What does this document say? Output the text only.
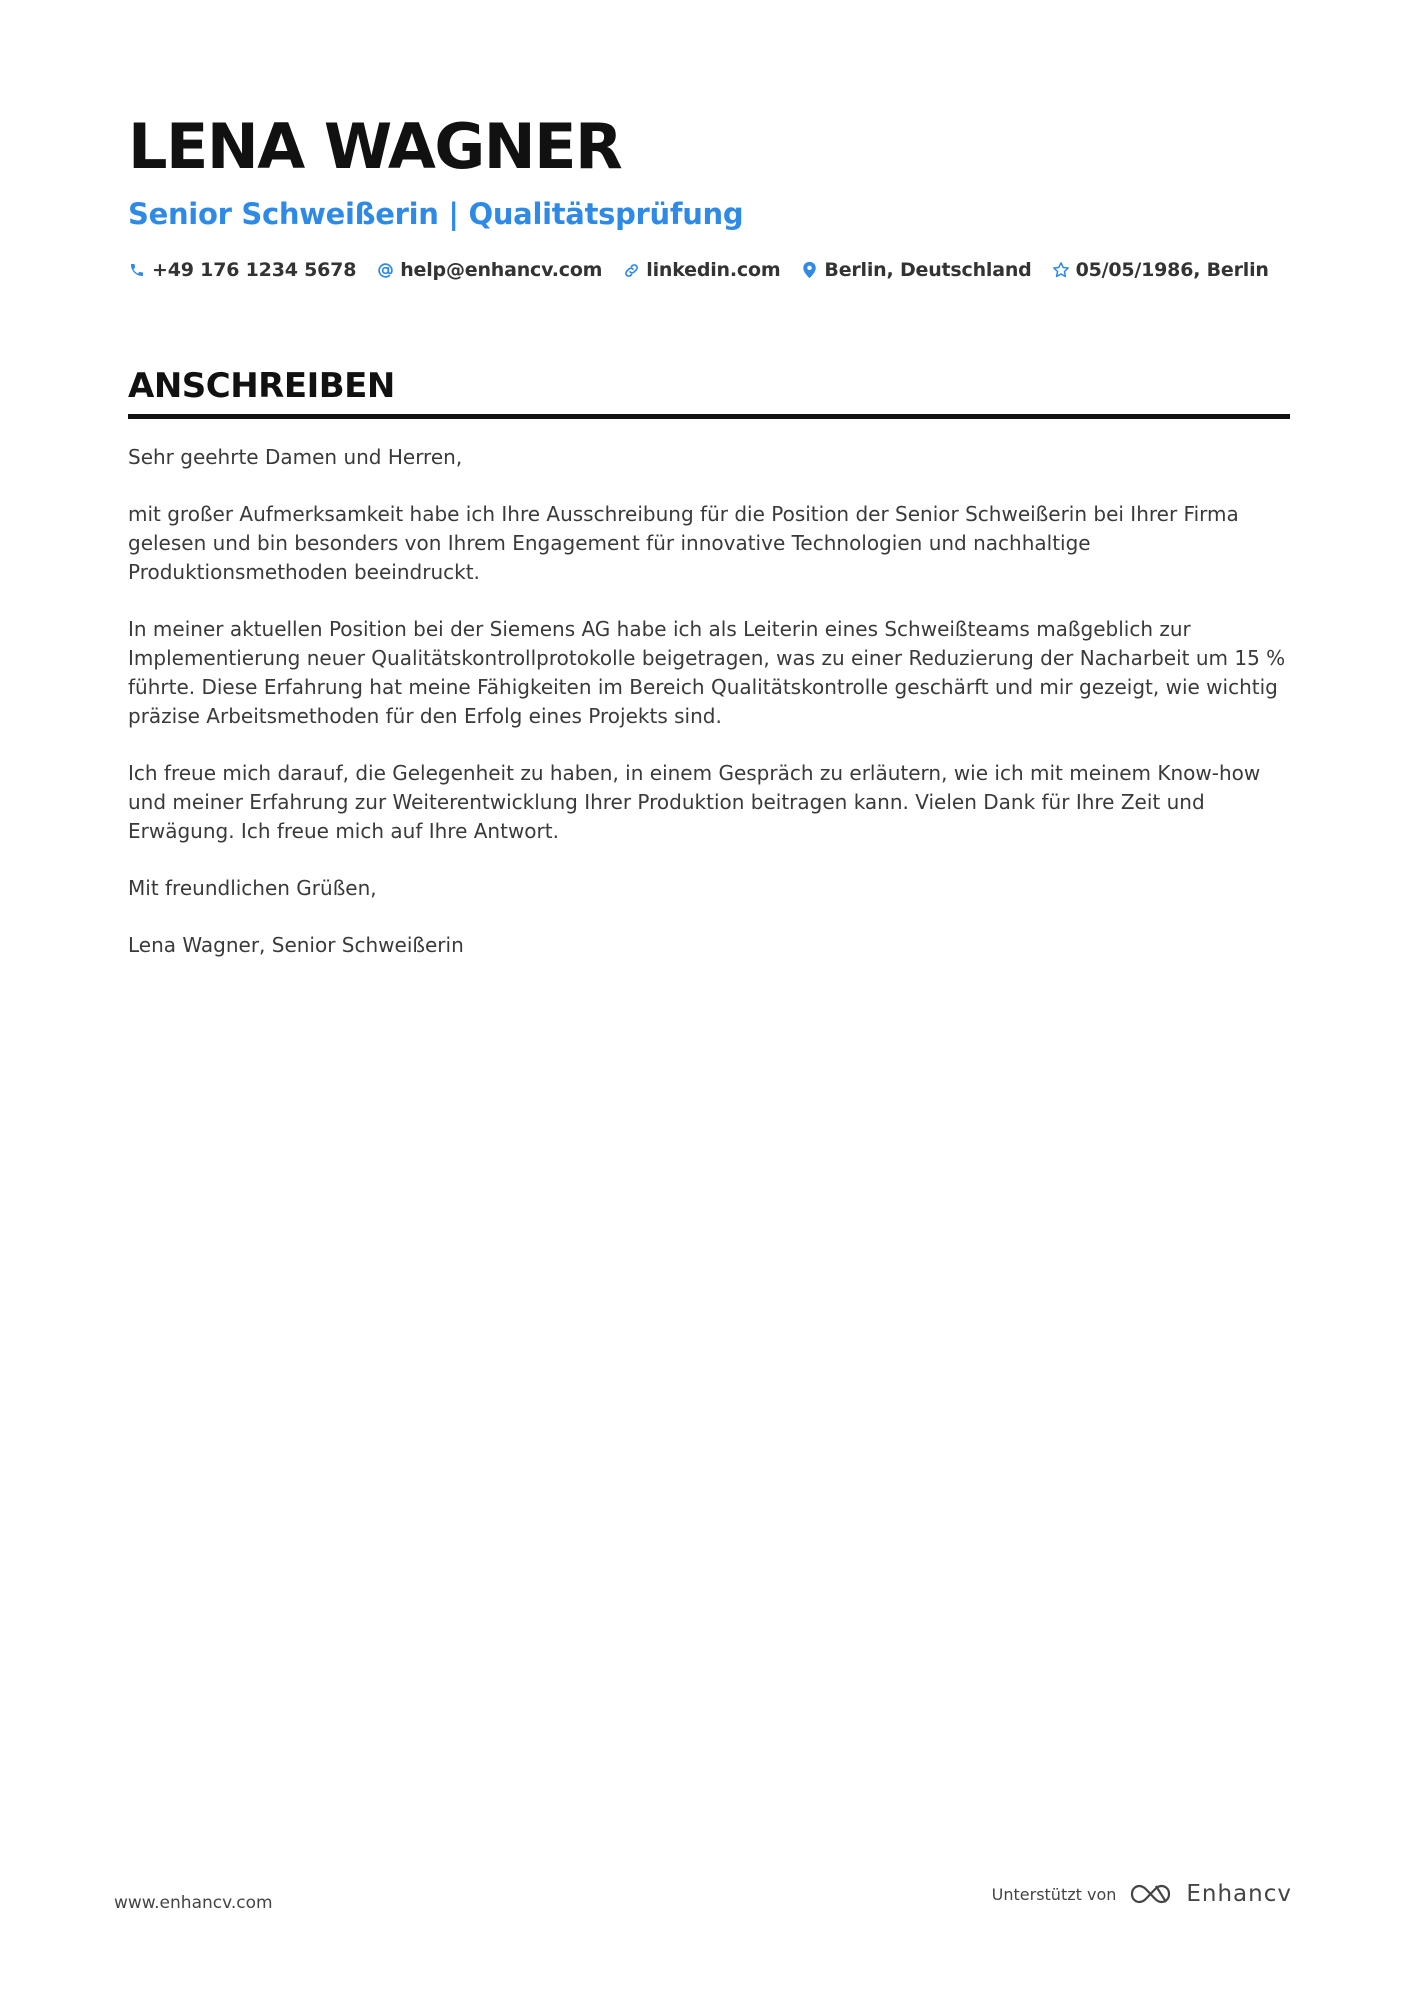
LENA WAGNER
Senior Schweißerin | Qualitätsprüfung
+49 176 1234 5678 help@enhancv.com linkedin.com Berlin, Deutschland 05/05/1986, Berlin
ANSCHREIBEN

Sehr geehrte Damen und Herren,

mit großer Aufmerksamkeit habe ich Ihre Ausschreibung für die Position der Senior Schweißerin bei Ihrer Firma gelesen und bin besonders von Ihrem Engagement für innovative Technologien und nachhaltige Produktionsmethoden beeindruckt.

In meiner aktuellen Position bei der Siemens AG habe ich als Leiterin eines Schweißteams maßgeblich zur Implementierung neuer Qualitätskontrollprotokolle beigetragen, was zu einer Reduzierung der Nacharbeit um 15 % führte. Diese Erfahrung hat meine Fähigkeiten im Bereich Qualitätskontrolle geschärft und mir gezeigt, wie wichtig präzise Arbeitsmethoden für den Erfolg eines Projekts sind.

Ich freue mich darauf, die Gelegenheit zu haben, in einem Gespräch zu erläutern, wie ich mit meinem Know-how und meiner Erfahrung zur Weiterentwicklung Ihrer Produktion beitragen kann. Vielen Dank für Ihre Zeit und Erwägung. Ich freue mich auf Ihre Antwort.

Mit freundlichen Grüßen,

Lena Wagner, Senior Schweißerin

www.enhancv.com	Unterstützt von	Enhancv
